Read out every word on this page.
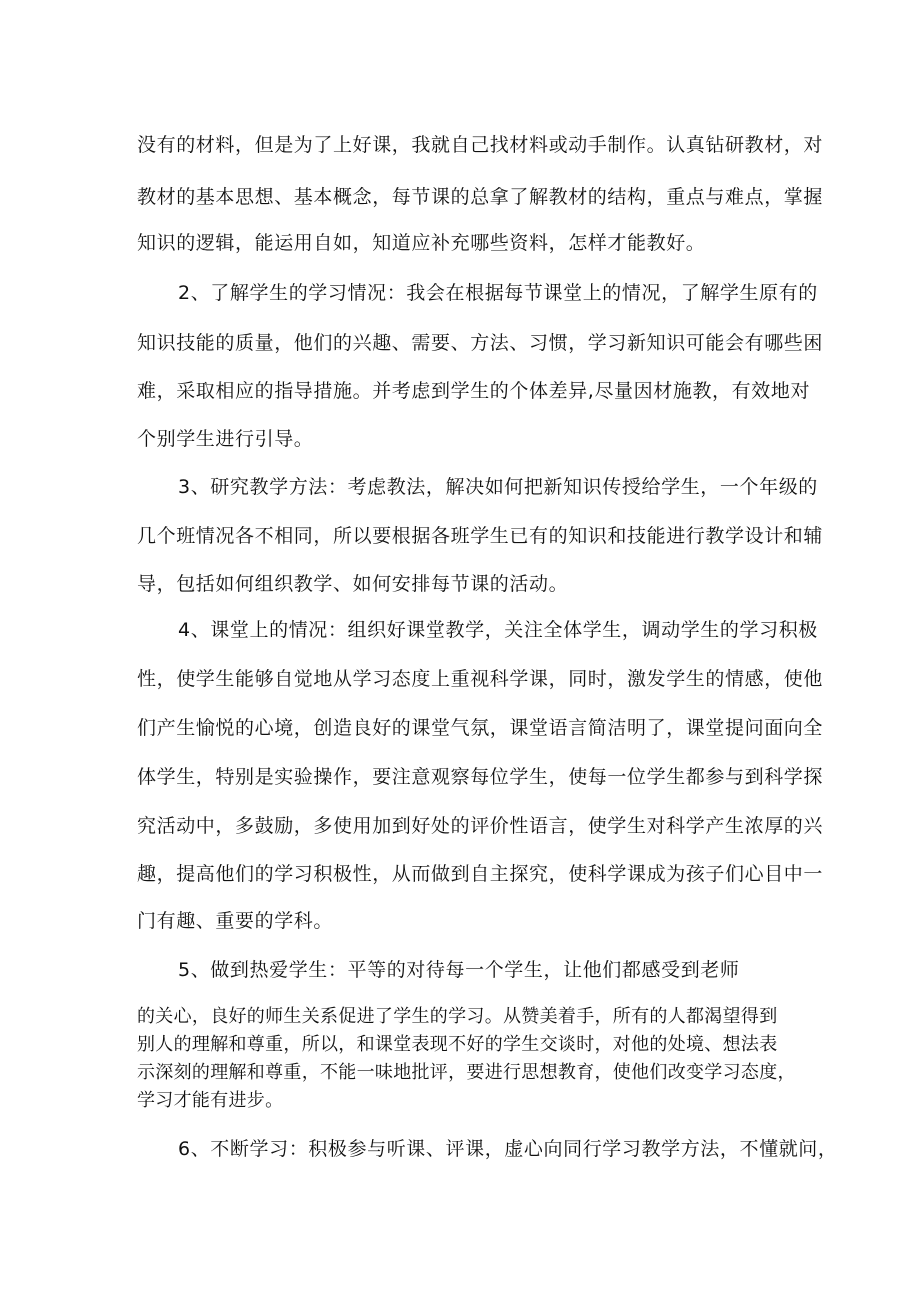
没有的材料，但是为了上好课，我就自己找材料或动手制作。认真钻研教材，对
教材的基本思想、基本概念，每节课的总拿了解教材的结构，重点与难点，掌握
知识的逻辑，能运用自如，知道应补充哪些资料，怎样才能教好。
2、了解学生的学习情况：我会在根据每节课堂上的情况，了解学生原有的
知识技能的质量，他们的兴趣、需要、方法、习惯，学习新知识可能会有哪些困
难，采取相应的指导措施。并考虑到学生的个体差异,尽量因材施教，有效地对
个别学生进行引导。
3、研究教学方法：考虑教法，解决如何把新知识传授给学生，一个年级的
几个班情况各不相同，所以要根据各班学生已有的知识和技能进行教学设计和辅
导，包括如何组织教学、如何安排每节课的活动。
4、课堂上的情况：组织好课堂教学，关注全体学生，调动学生的学习积极
性，使学生能够自觉地从学习态度上重视科学课，同时，激发学生的情感，使他
们产生愉悦的心境，创造良好的课堂气氛，课堂语言简洁明了，课堂提问面向全
体学生，特别是实验操作，要注意观察每位学生，使每一位学生都参与到科学探
究活动中，多鼓励，多使用加到好处的评价性语言，使学生对科学产生浓厚的兴
趣，提高他们的学习积极性，从而做到自主探究，使科学课成为孩子们心目中一
门有趣、重要的学科。
5、做到热爱学生：平等的对待每一个学生，让他们都感受到老师
的关心，良好的师生关系促进了学生的学习。从赞美着手，所有的人都渴望得到
别人的理解和尊重，所以，和课堂表现不好的学生交谈时，对他的处境、想法表
示深刻的理解和尊重，不能一味地批评，要进行思想教育，使他们改变学习态度，
学习才能有进步。
6、不断学习：积极参与听课、评课，虚心向同行学习教学方法，不懂就问，
